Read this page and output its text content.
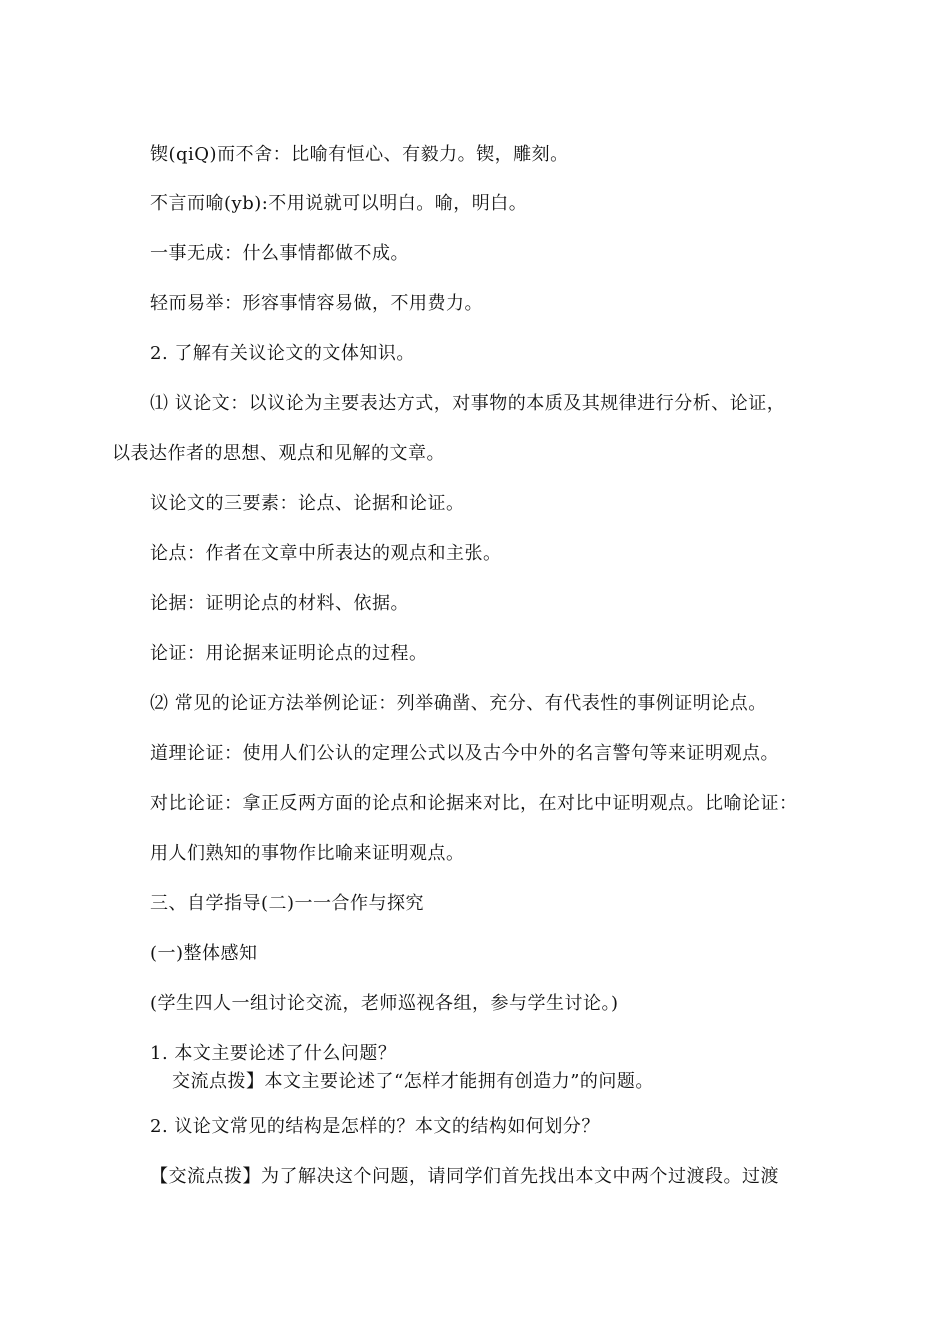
锲(qiQ)而不舍：比喻有恒心、有毅力。锲，雕刻。
不言而喻(yb):不用说就可以明白。喻，明白。
一事无成：什么事情都做不成。
轻而易举：形容事情容易做，不用费力。
2. 了解有关议论文的文体知识。
⑴ 议论文：以议论为主要表达方式，对事物的本质及其规律进行分析、论证，
以表达作者的思想、观点和见解的文章。
议论文的三要素：论点、论据和论证。
论点：作者在文章中所表达的观点和主张。
论据：证明论点的材料、依据。
论证：用论据来证明论点的过程。
⑵ 常见的论证方法举例论证：列举确凿、充分、有代表性的事例证明论点。
道理论证：使用人们公认的定理公式以及古今中外的名言警句等来证明观点。
对比论证：拿正反两方面的论点和论据来对比，在对比中证明观点。比喻论证：
用人们熟知的事物作比喻来证明观点。
三、自学指导(二)一一合作与探究
(一)整体感知
(学生四人一组讨论交流，老师巡视各组，参与学生讨论。)
1. 本文主要论述了什么问题？
交流点拨】本文主要论述了“怎样才能拥有创造力”的问题。
2. 议论文常见的结构是怎样的？本文的结构如何划分？
【交流点拨】为了解决这个问题，请同学们首先找出本文中两个过渡段。过渡
